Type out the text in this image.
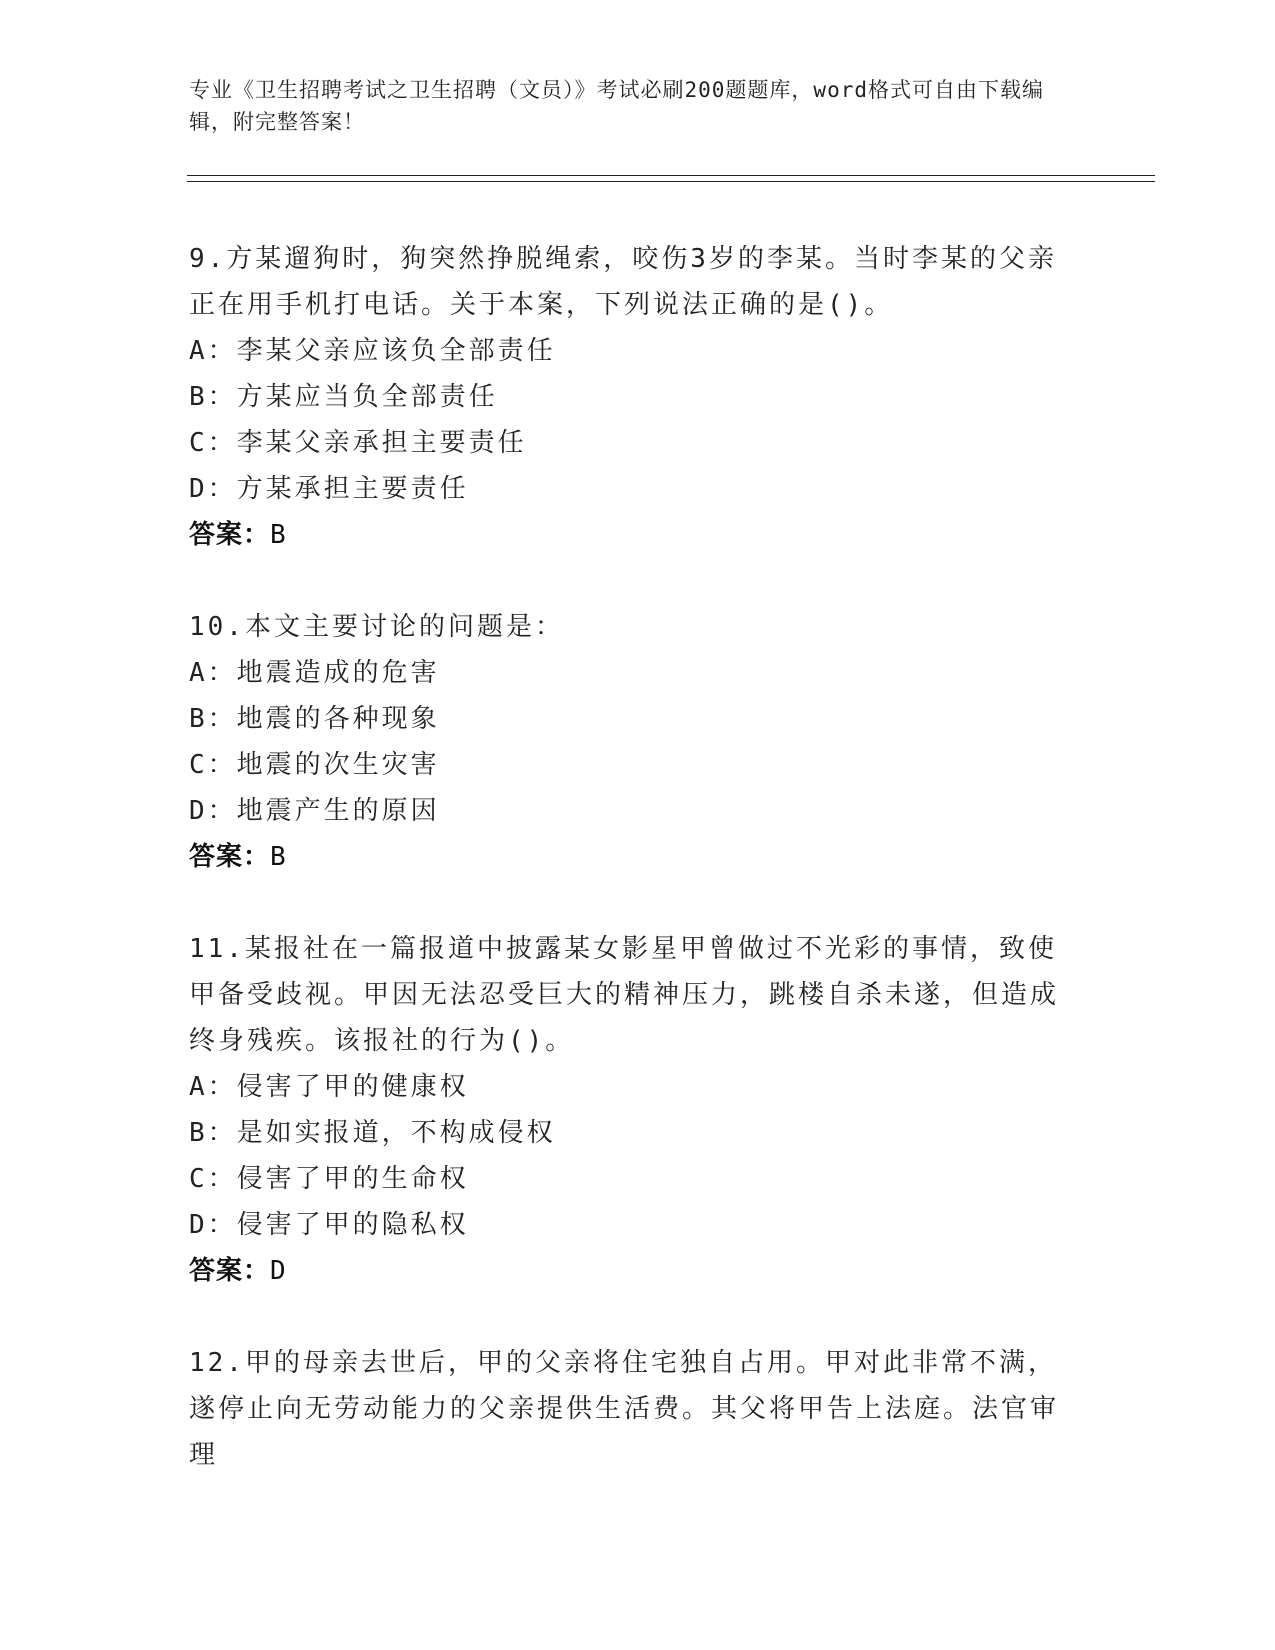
专业《卫生招聘考试之卫生招聘（文员）》考试必刷200题题库，word格式可自由下载编辑，附完整答案！
9.方某遛狗时，狗突然挣脱绳索，咬伤3岁的李某。当时李某的父亲正在用手机打电话。关于本案，下列说法正确的是()。
A：李某父亲应该负全部责任
B：方某应当负全部责任
C：李某父亲承担主要责任
D：方某承担主要责任
答案：B
10.本文主要讨论的问题是：
A：地震造成的危害
B：地震的各种现象
C：地震的次生灾害
D：地震产生的原因
答案：B
11.某报社在一篇报道中披露某女影星甲曾做过不光彩的事情，致使甲备受歧视。甲因无法忍受巨大的精神压力，跳楼自杀未遂，但造成终身残疾。该报社的行为()。
A：侵害了甲的健康权
B：是如实报道，不构成侵权
C：侵害了甲的生命权
D：侵害了甲的隐私权
答案：D
12.甲的母亲去世后，甲的父亲将住宅独自占用。甲对此非常不满，遂停止向无劳动能力的父亲提供生活费。其父将甲告上法庭。法官审理
